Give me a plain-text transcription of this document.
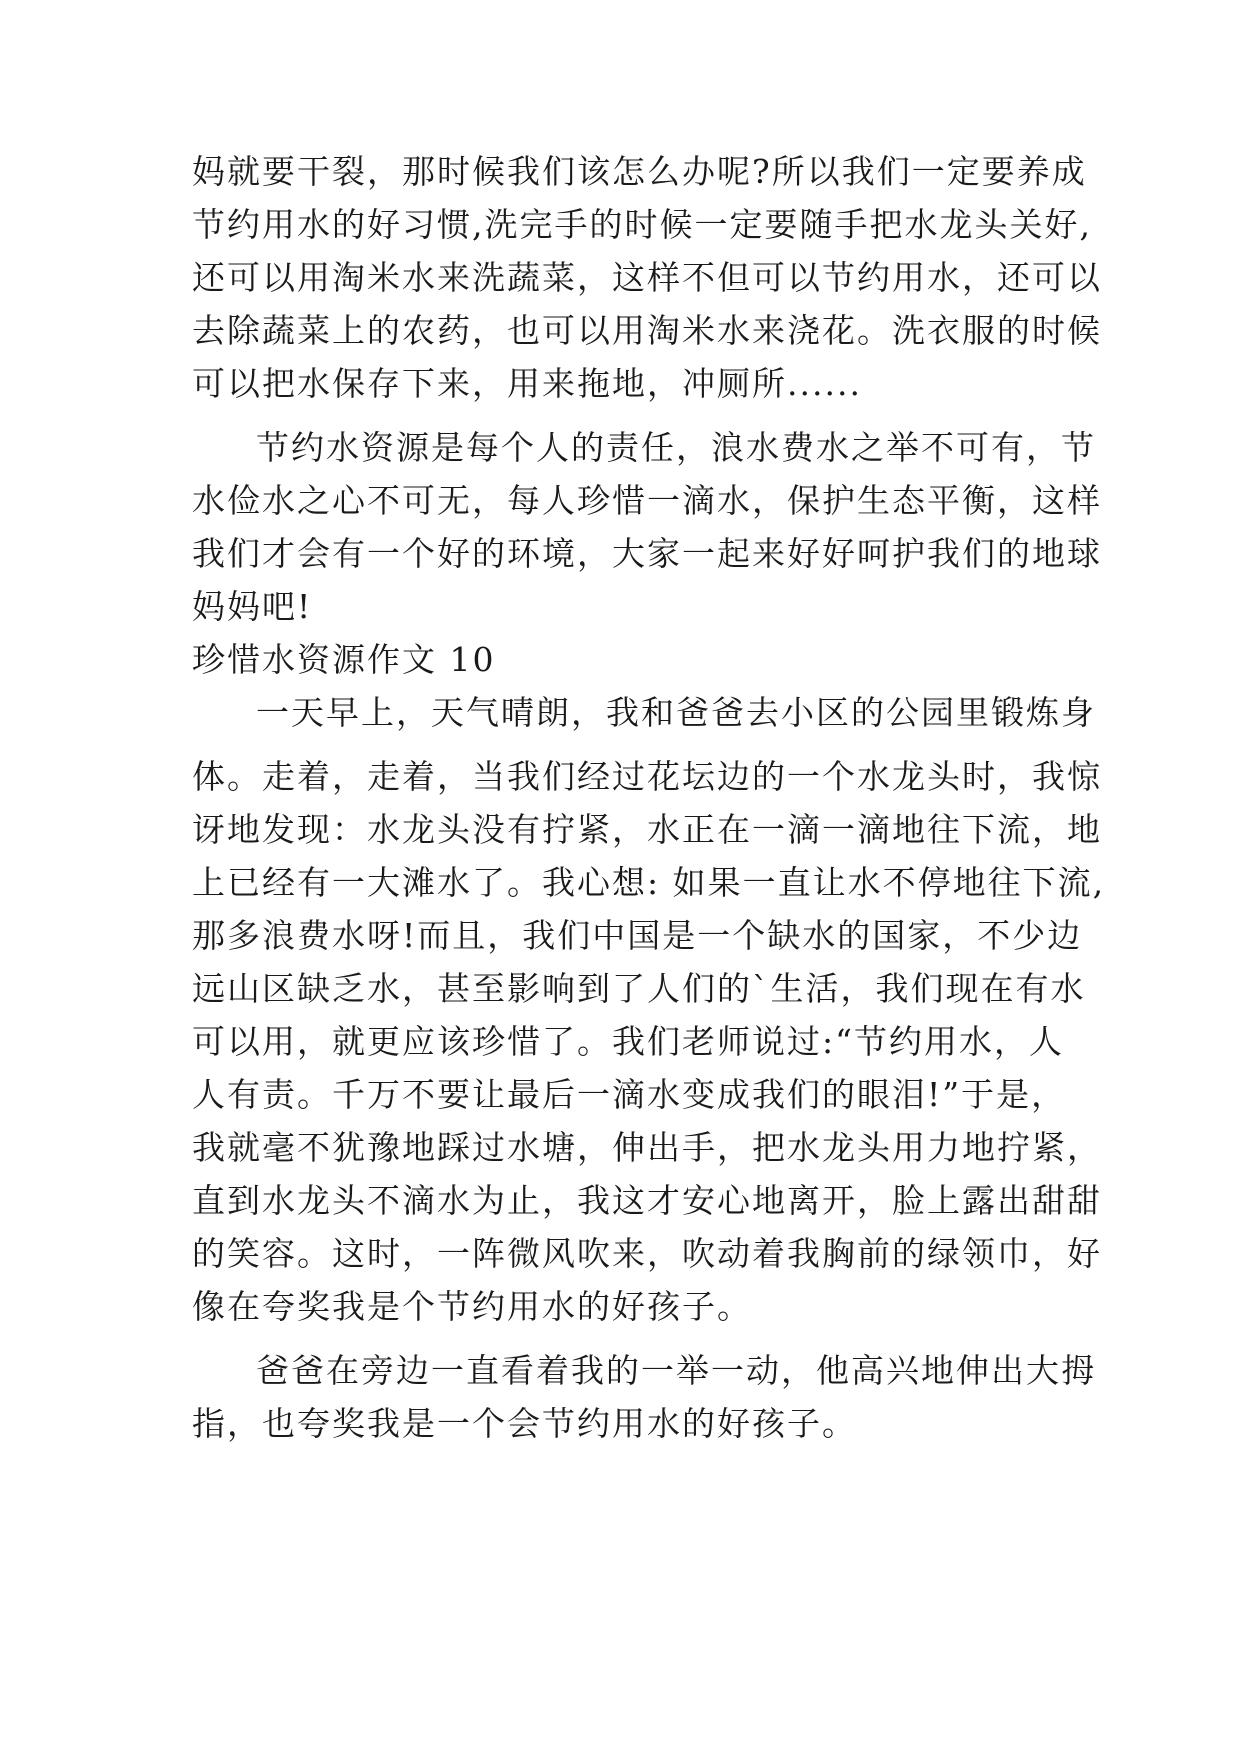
妈就要干裂，那时候我们该怎么办呢?所以我们一定要养成
节约用水的好习惯,洗完手的时候一定要随手把水龙头关好,
还可以用淘米水来洗蔬菜，这样不但可以节约用水，还可以
去除蔬菜上的农药，也可以用淘米水来浇花。洗衣服的时候
可以把水保存下来，用来拖地，冲厕所......
节约水资源是每个人的责任，浪水费水之举不可有，节
水俭水之心不可无，每人珍惜一滴水，保护生态平衡，这样
我们才会有一个好的环境，大家一起来好好呵护我们的地球
妈妈吧!
珍惜水资源作文 10
一天早上，天气晴朗，我和爸爸去小区的公园里锻炼身
体。走着，走着，当我们经过花坛边的一个水龙头时，我惊
讶地发现：水龙头没有拧紧，水正在一滴一滴地往下流，地
上已经有一大滩水了。我心想: 如果一直让水不停地往下流,
那多浪费水呀!而且，我们中国是一个缺水的国家，不少边
远山区缺乏水，甚至影响到了人们的`生活，我们现在有水
可以用，就更应该珍惜了。我们老师说过:“节约用水，人
人有责。千万不要让最后一滴水变成我们的眼泪!”于是，
我就毫不犹豫地踩过水塘，伸出手，把水龙头用力地拧紧，
直到水龙头不滴水为止，我这才安心地离开，脸上露出甜甜
的笑容。这时，一阵微风吹来，吹动着我胸前的绿领巾，好
像在夸奖我是个节约用水的好孩子。
爸爸在旁边一直看着我的一举一动，他高兴地伸出大拇
指，也夸奖我是一个会节约用水的好孩子。
